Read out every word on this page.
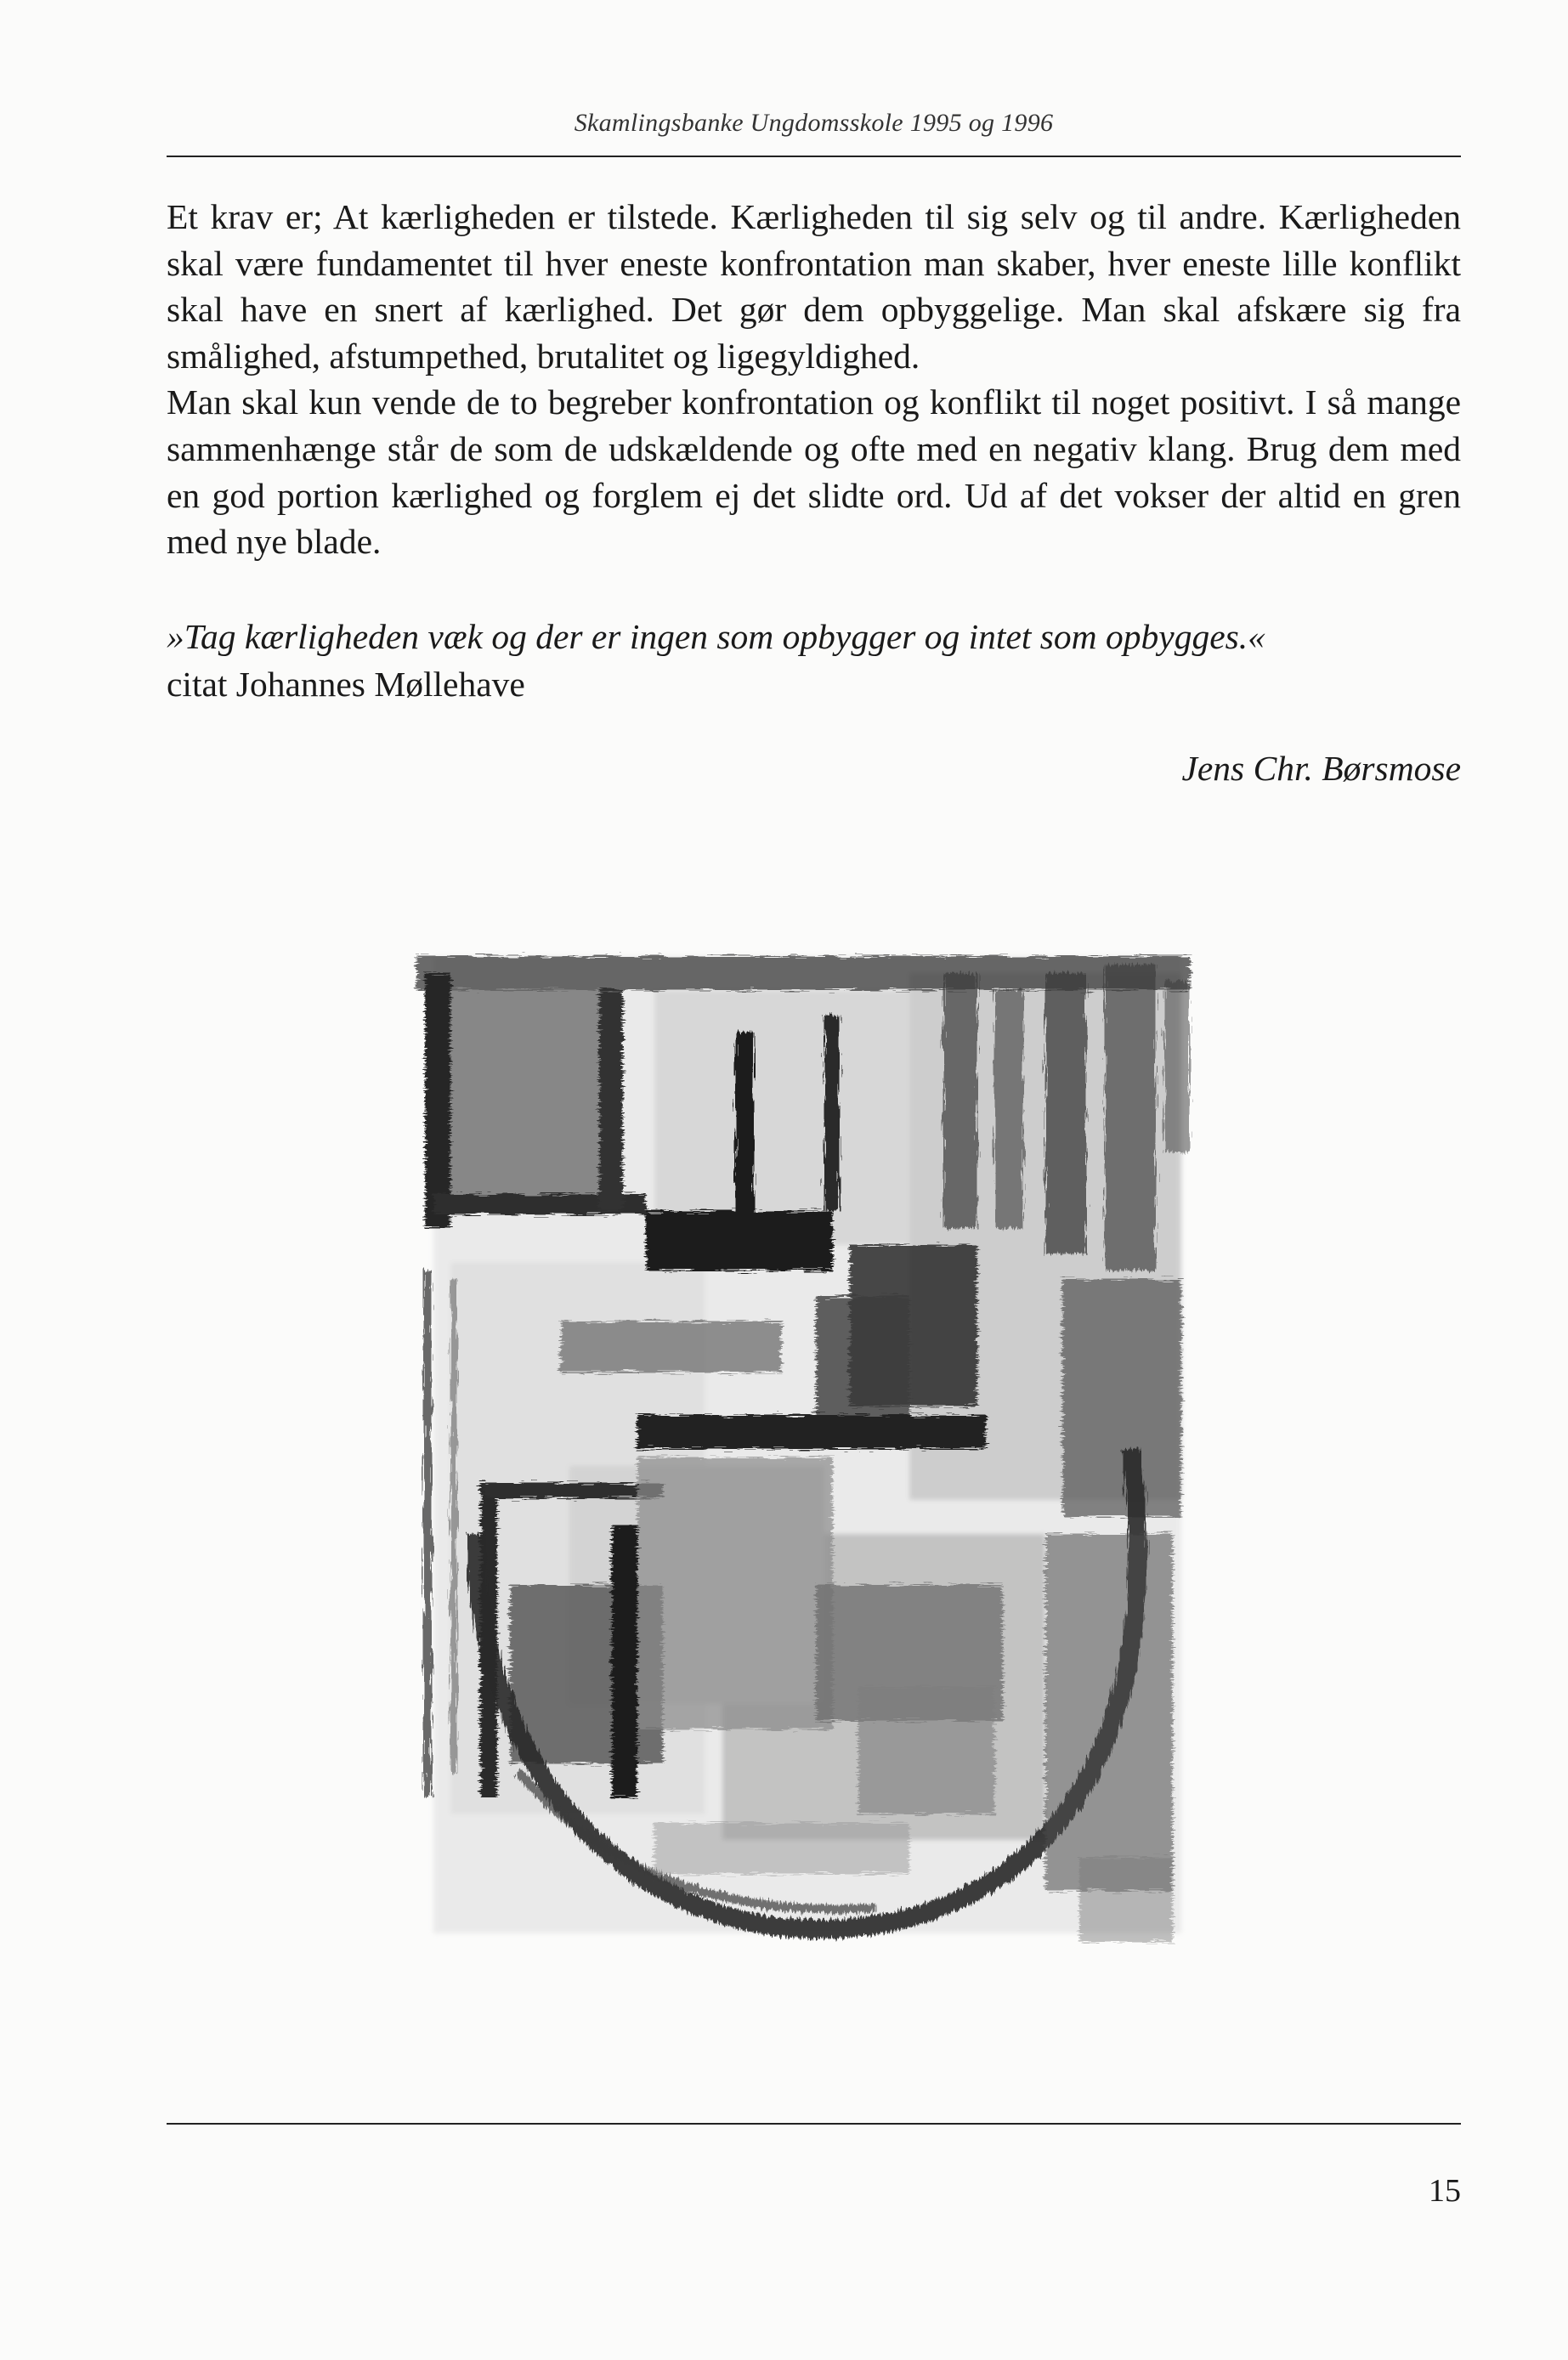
Skamlingsbanke Ungdomsskole 1995 og 1996

Et krav er; At kærligheden er tilstede. Kærligheden til sig selv og til andre. Kærligheden skal være fundamentet til hver eneste konfrontation man skaber, hver eneste lille konflikt skal have en snert af kærlighed. Det gør dem opbyggelige. Man skal afskære sig fra smålighed, afstumpethed, brutalitet og ligegyldighed.

Man skal kun vende de to begreber konfrontation og konflikt til noget positivt. I så mange sammenhænge står de som de udskældende og ofte med en negativ klang. Brug dem med en god portion kærlighed og forglem ej det slidte ord. Ud af det vokser der altid en gren med nye blade.

»Tag kærligheden væk og der er ingen som opbygger og intet som opbygges.«
citat Johannes Møllehave
Jens Chr. Børsmose
15
